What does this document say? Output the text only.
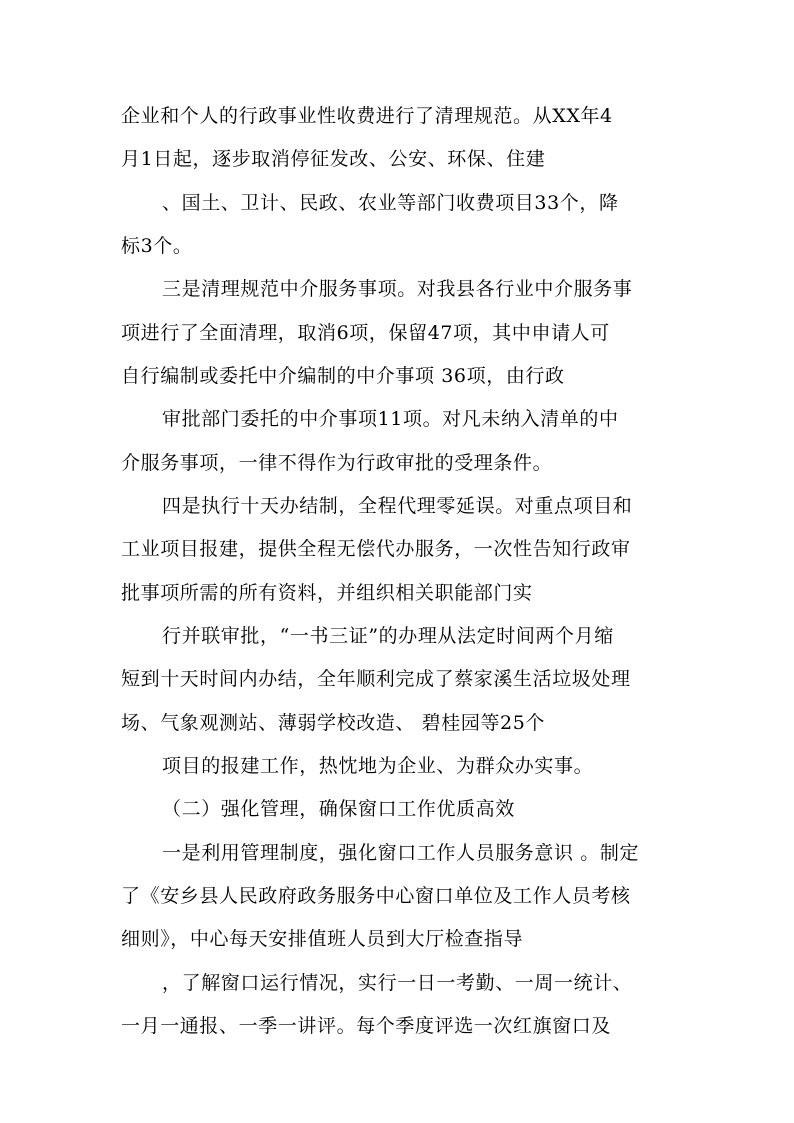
企业和个人的行政事业性收费进行了清理规范。从XX年4
月1日起，逐步取消停征发改、公安、环保、住建
、国土、卫计、民政、农业等部门收费项目33个，降
标3个。
三是清理规范中介服务事项。对我县各行业中介服务事
项进行了全面清理，取消6项，保留47项，其中申请人可
自行编制或委托中介编制的中介事项 36项，由行政
审批部门委托的中介事项11项。对凡未纳入清单的中
介服务事项，一律不得作为行政审批的受理条件。
四是执行十天办结制，全程代理零延误。对重点项目和
工业项目报建，提供全程无偿代办服务，一次性告知行政审
批事项所需的所有资料，并组织相关职能部门实
行并联审批，“一书三证”的办理从法定时间两个月缩
短到十天时间内办结，全年顺利完成了蔡家溪生活垃圾处理
场、气象观测站、薄弱学校改造、 碧桂园等25个
项目的报建工作，热忱地为企业、为群众办实事。
（二）强化管理，确保窗口工作优质高效
一是利用管理制度，强化窗口工作人员服务意识 。制定
了《安乡县人民政府政务服务中心窗口单位及工作人员考核
细则》，中心每天安排值班人员到大厅检查指导
，了解窗口运行情况，实行一日一考勤、一周一统计、
一月一通报、一季一讲评。每个季度评选一次红旗窗口及
